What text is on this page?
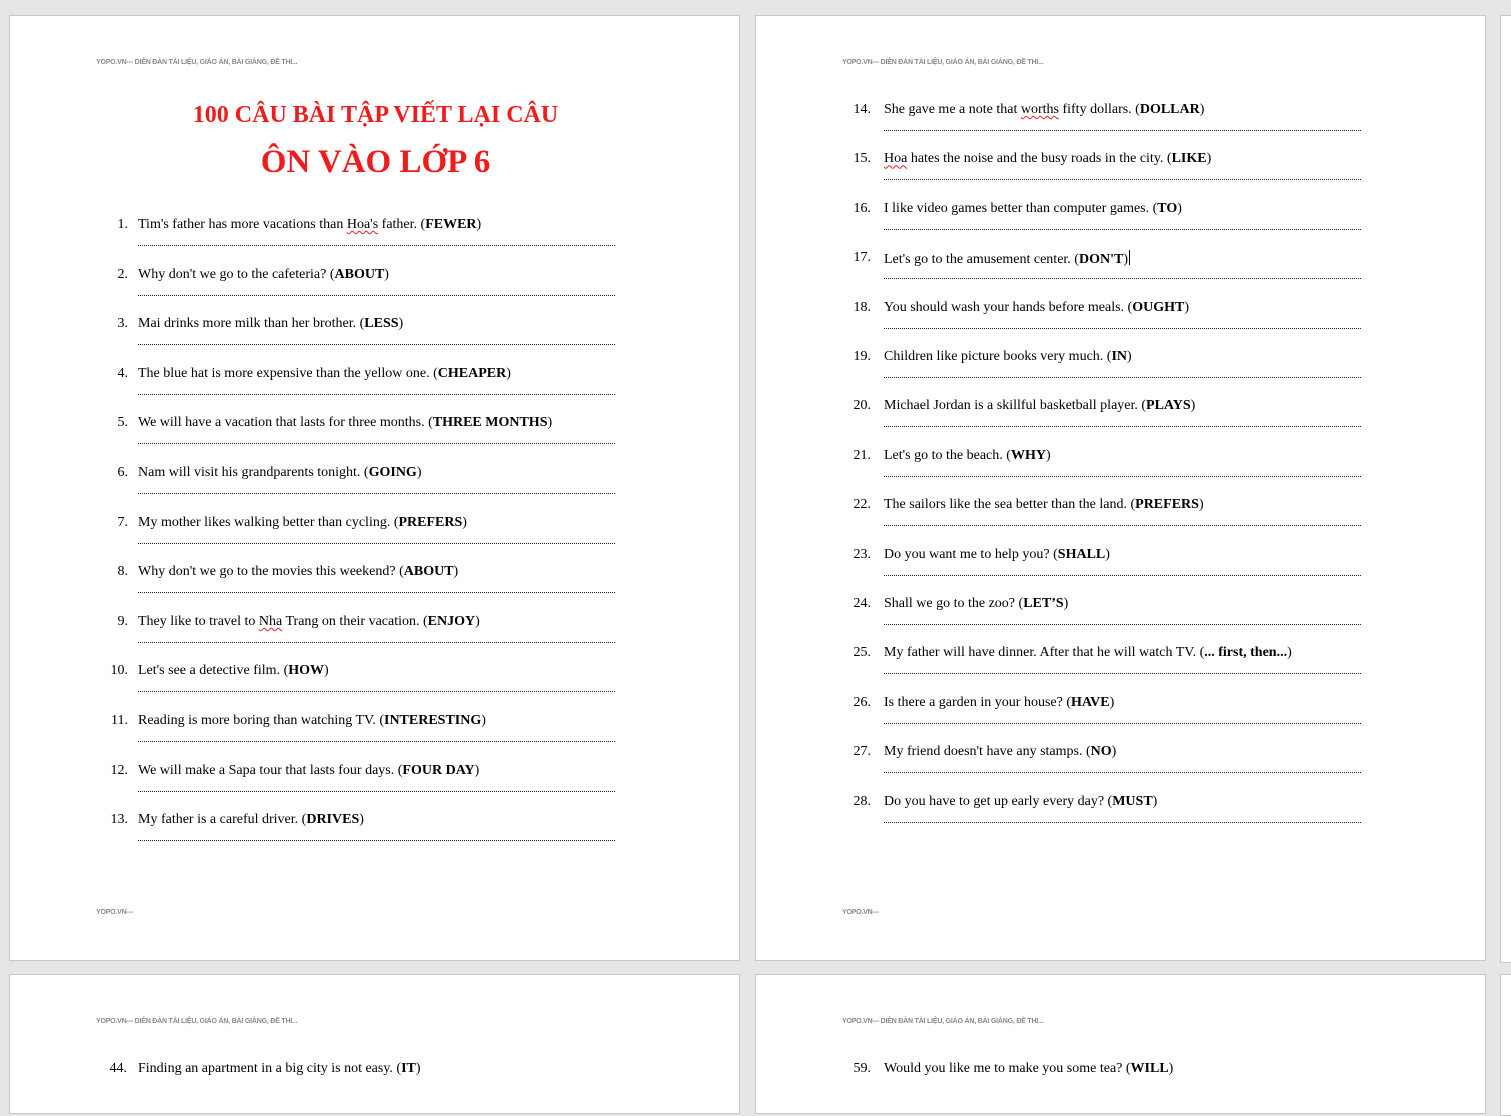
YOPO.VN--- DIỄN ĐÀN TÀI LIỆU, GIÁO ÁN, BÀI GIẢNG, ĐỀ THI...
100 CÂU BÀI TẬP VIẾT LẠI CÂU
ÔN VÀO LỚP 6
1. Tim's father has more vacations than Hoa's father. (FEWER)
2. Why don't we go to the cafeteria? (ABOUT)
3. Mai drinks more milk than her brother. (LESS)
4. The blue hat is more expensive than the yellow one. (CHEAPER)
5. We will have a vacation that lasts for three months. (THREE MONTHS)
6. Nam will visit his grandparents tonight. (GOING)
7. My mother likes walking better than cycling. (PREFERS)
8. Why don't we go to the movies this weekend? (ABOUT)
9. They like to travel to Nha Trang on their vacation. (ENJOY)
10. Let's see a detective film. (HOW)
11. Reading is more boring than watching TV. (INTERESTING)
12. We will make a Sapa tour that lasts four days. (FOUR DAY)
13. My father is a careful driver. (DRIVES)
YOPO.VN---
YOPO.VN--- DIỄN ĐÀN TÀI LIỆU, GIÁO ÁN, BÀI GIẢNG, ĐỀ THI...
14. She gave me a note that worths fifty dollars. (DOLLAR)
15. Hoa hates the noise and the busy roads in the city. (LIKE)
16. I like video games better than computer games. (TO)
17. Let's go to the amusement center. (DON'T)
18. You should wash your hands before meals. (OUGHT)
19. Children like picture books very much. (IN)
20. Michael Jordan is a skillful basketball player. (PLAYS)
21. Let's go to the beach. (WHY)
22. The sailors like the sea better than the land. (PREFERS)
23. Do you want me to help you? (SHALL)
24. Shall we go to the zoo? (LET’S)
25. My father will have dinner. After that he will watch TV. (... first, then...)
26. Is there a garden in your house? (HAVE)
27. My friend doesn't have any stamps. (NO)
28. Do you have to get up early every day? (MUST)
YOPO.VN---
YOPO.VN--- DIỄN ĐÀN TÀI LIỆU, GIÁO ÁN, BÀI GIẢNG, ĐỀ THI...
44. Finding an apartment in a big city is not easy. (IT)
YOPO.VN--- DIỄN ĐÀN TÀI LIỆU, GIÁO ÁN, BÀI GIẢNG, ĐỀ THI...
59. Would you like me to make you some tea? (WILL)
